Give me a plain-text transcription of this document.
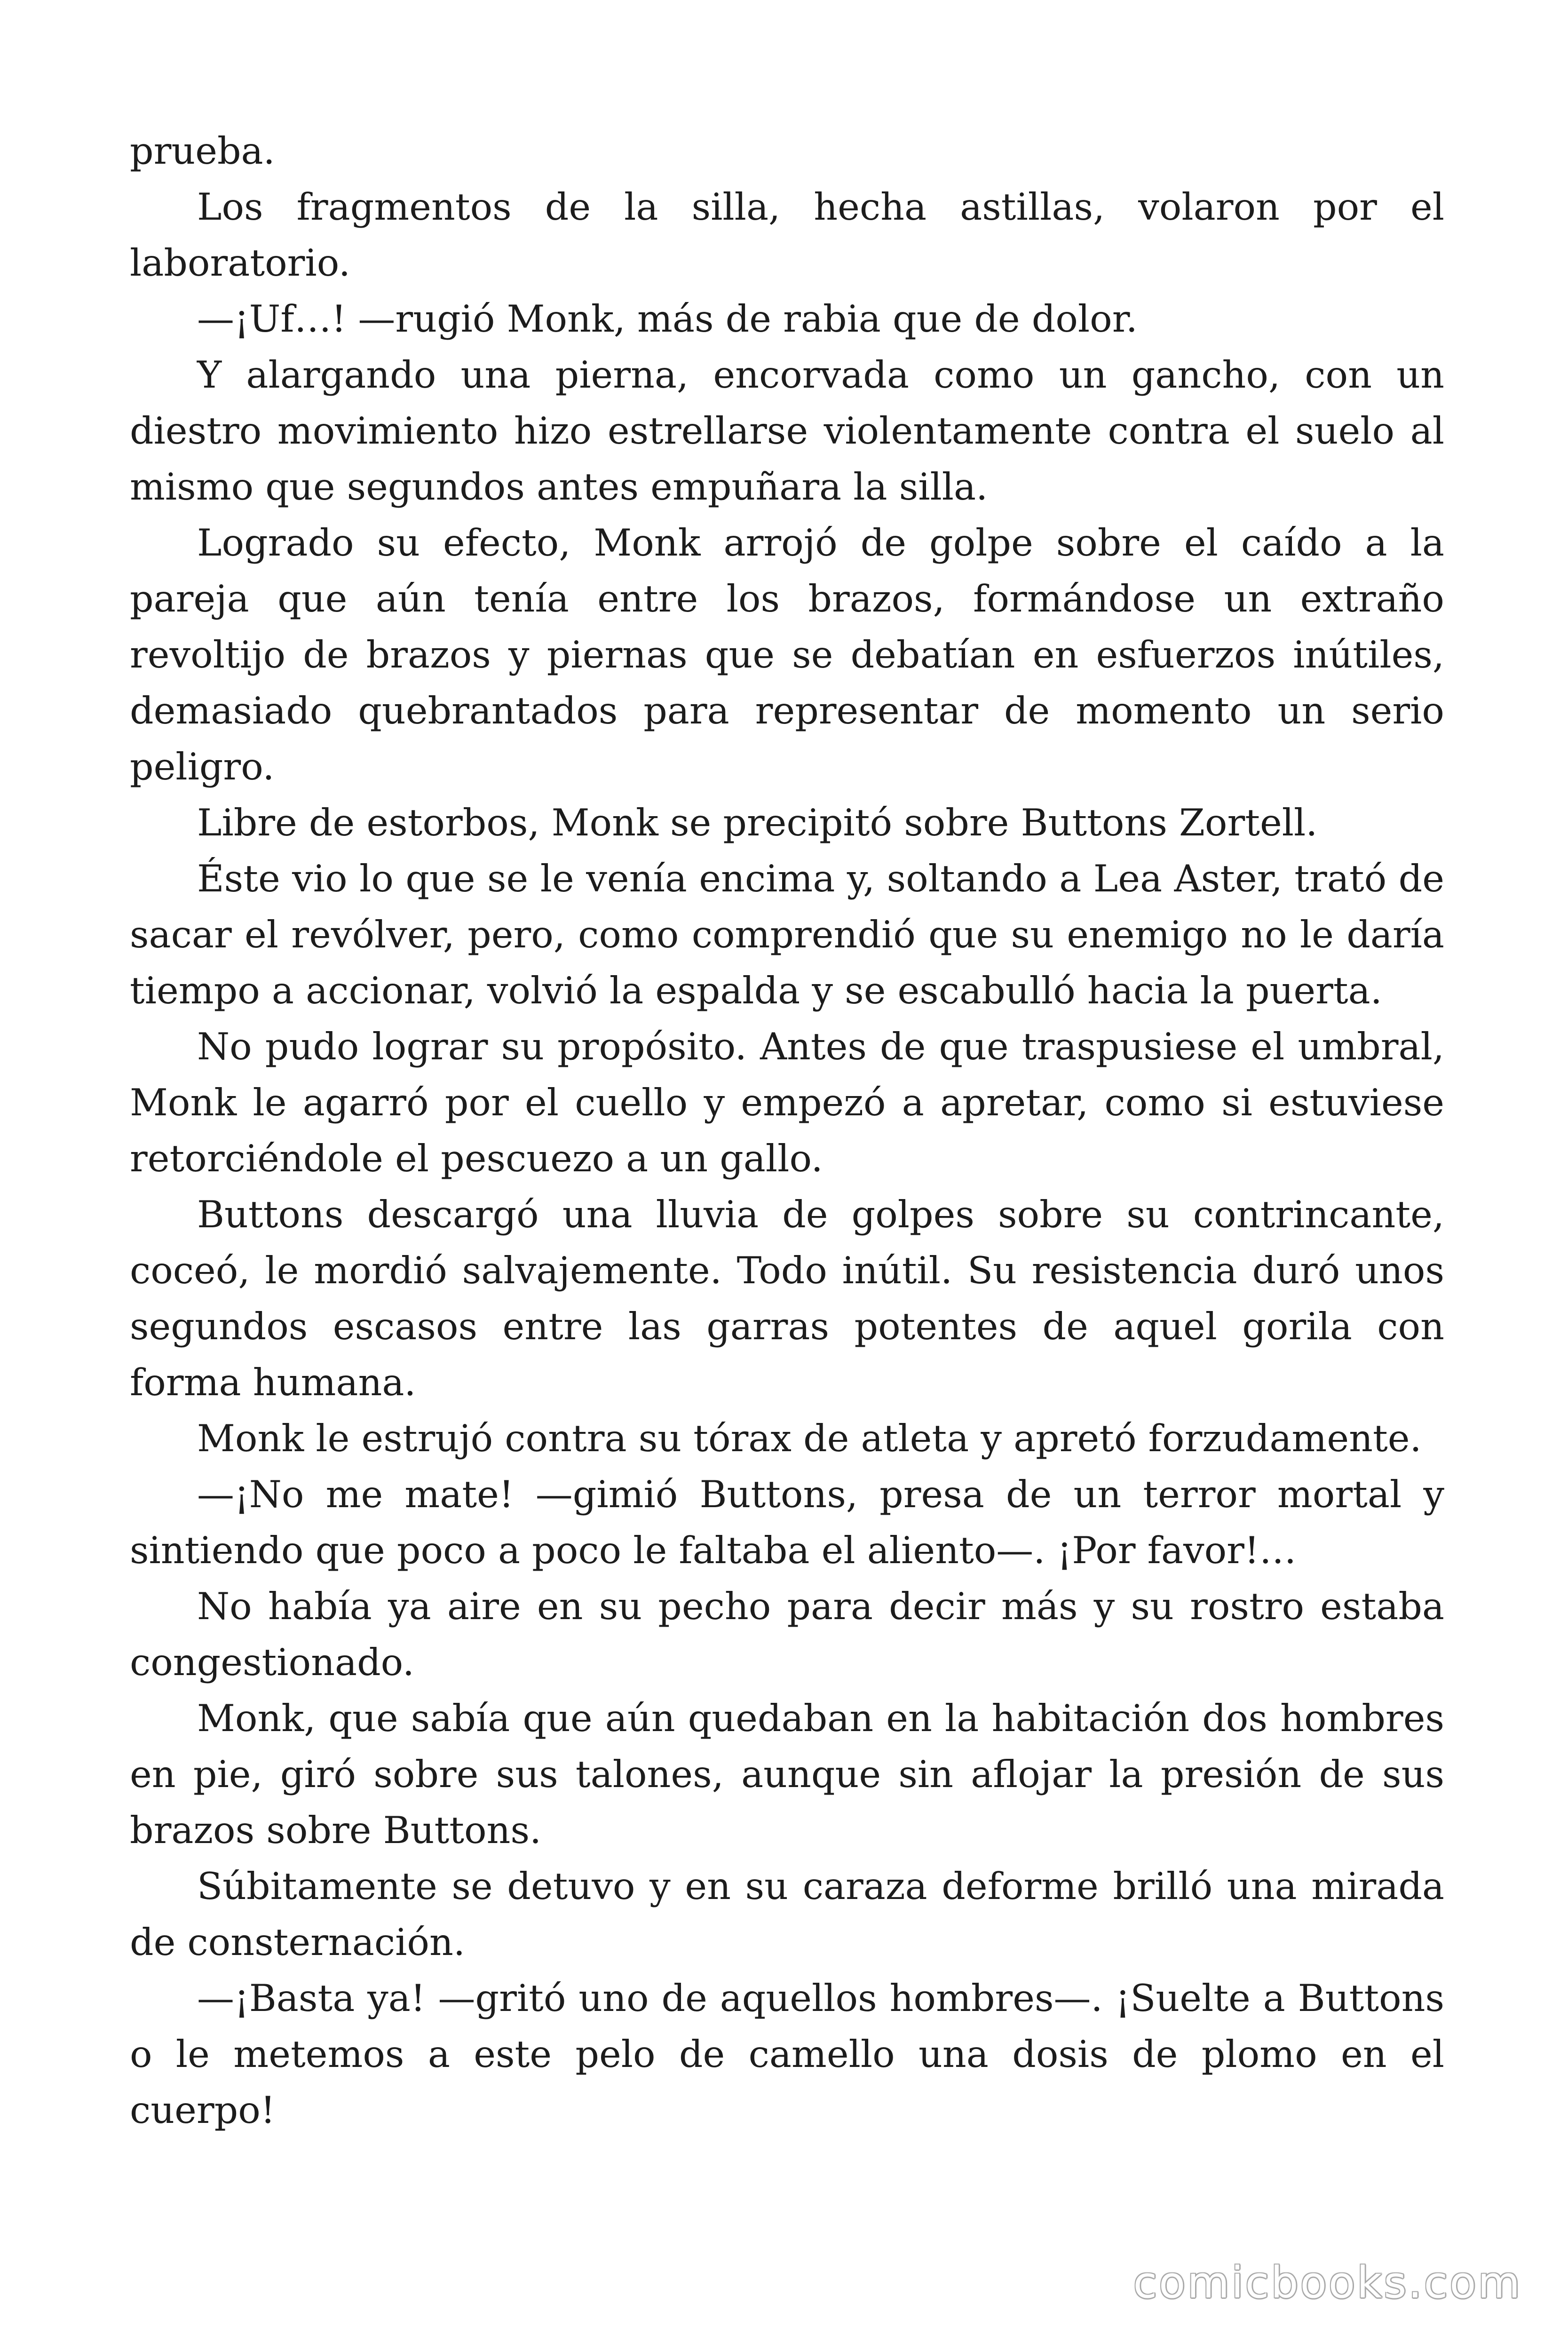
prueba.

Los fragmentos de la silla, hecha astillas, volaron por el laboratorio.

—¡Uf…! —rugió Monk, más de rabia que de dolor.

Y alargando una pierna, encorvada como un gancho, con un diestro movimiento hizo estrellarse violentamente contra el suelo al mismo que segundos antes empuñara la silla.

Logrado su efecto, Monk arrojó de golpe sobre el caído a la pareja que aún tenía entre los brazos, formándose un extraño revoltijo de brazos y piernas que se debatían en esfuerzos inútiles, demasiado quebrantados para representar de momento un serio peligro.

Libre de estorbos, Monk se precipitó sobre Buttons Zortell.

Éste vio lo que se le venía encima y, soltando a Lea Aster, trató de sacar el revólver, pero, como comprendió que su enemigo no le daría tiempo a accionar, volvió la espalda y se escabulló hacia la puerta.

No pudo lograr su propósito. Antes de que traspusiese el umbral, Monk le agarró por el cuello y empezó a apretar, como si estuviese retorciéndole el pescuezo a un gallo.

Buttons descargó una lluvia de golpes sobre su contrincante, coceó, le mordió salvajemente. Todo inútil. Su resistencia duró unos segundos escasos entre las garras potentes de aquel gorila con forma humana.

Monk le estrujó contra su tórax de atleta y apretó forzudamente.

—¡No me mate! —gimió Buttons, presa de un terror mortal y sintiendo que poco a poco le faltaba el aliento—. ¡Por favor!…

No había ya aire en su pecho para decir más y su rostro estaba congestionado.

Monk, que sabía que aún quedaban en la habitación dos hombres en pie, giró sobre sus talones, aunque sin aflojar la presión de sus brazos sobre Buttons.

Súbitamente se detuvo y en su caraza deforme brilló una mirada de consternación.

—¡Basta ya! —gritó uno de aquellos hombres—. ¡Suelte a Buttons o le metemos a este pelo de camello una dosis de plomo en el cuerpo!

comicbooks.com
